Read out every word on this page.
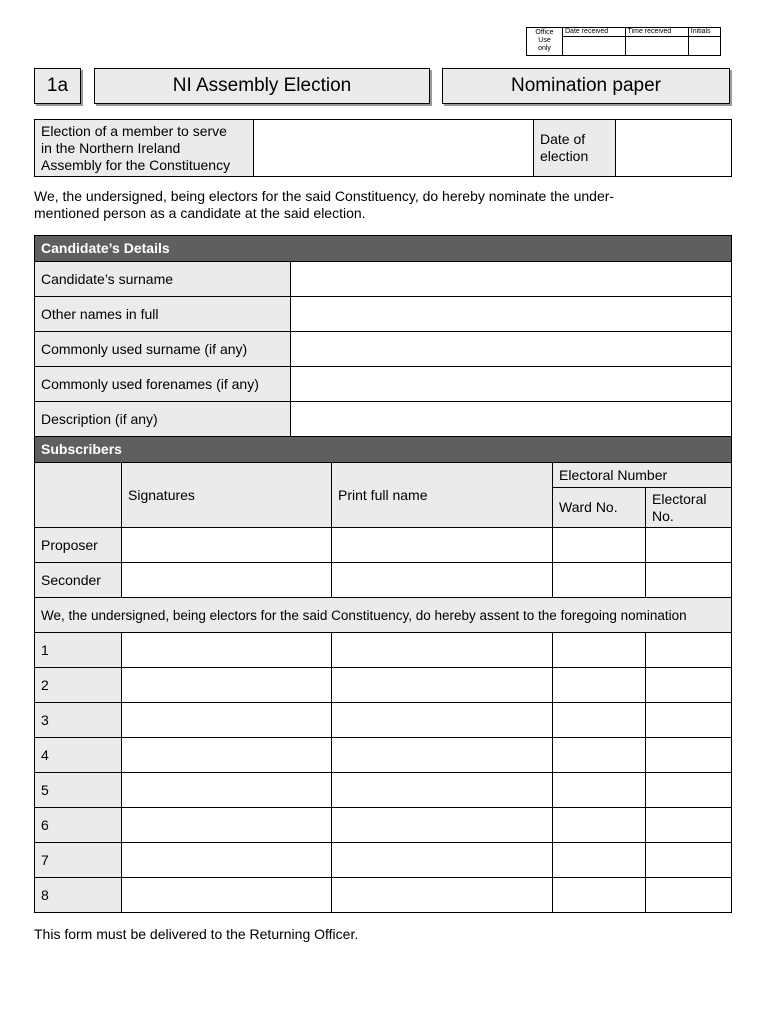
Office
Use
only	Date received	Time received	Initials

1a	NI Assembly Election	Nomination paper
Election of a member to serve
in the Northern Ireland
Assembly for the Constituency		Date of
election	
We, the undersigned, being electors for the said Constituency, do hereby nominate the under-
mentioned person as a candidate at the said election.
Candidate’s Details	
Candidate’s surname	
Other names in full	
Commonly used surname (if any)	
Commonly used forenames (if any)	
Description (if any)	
Subscribers				
	Signatures	Print full name	Electoral Number	
			Ward No.	Electoral
No.
Proposer				
Seconder				
We, the undersigned, being electors for the said Constituency, do hereby assent to the foregoing nomination				
1				
2				
3				
4				
5				
6				
7				
8				
This form must be delivered to the Returning Officer.
